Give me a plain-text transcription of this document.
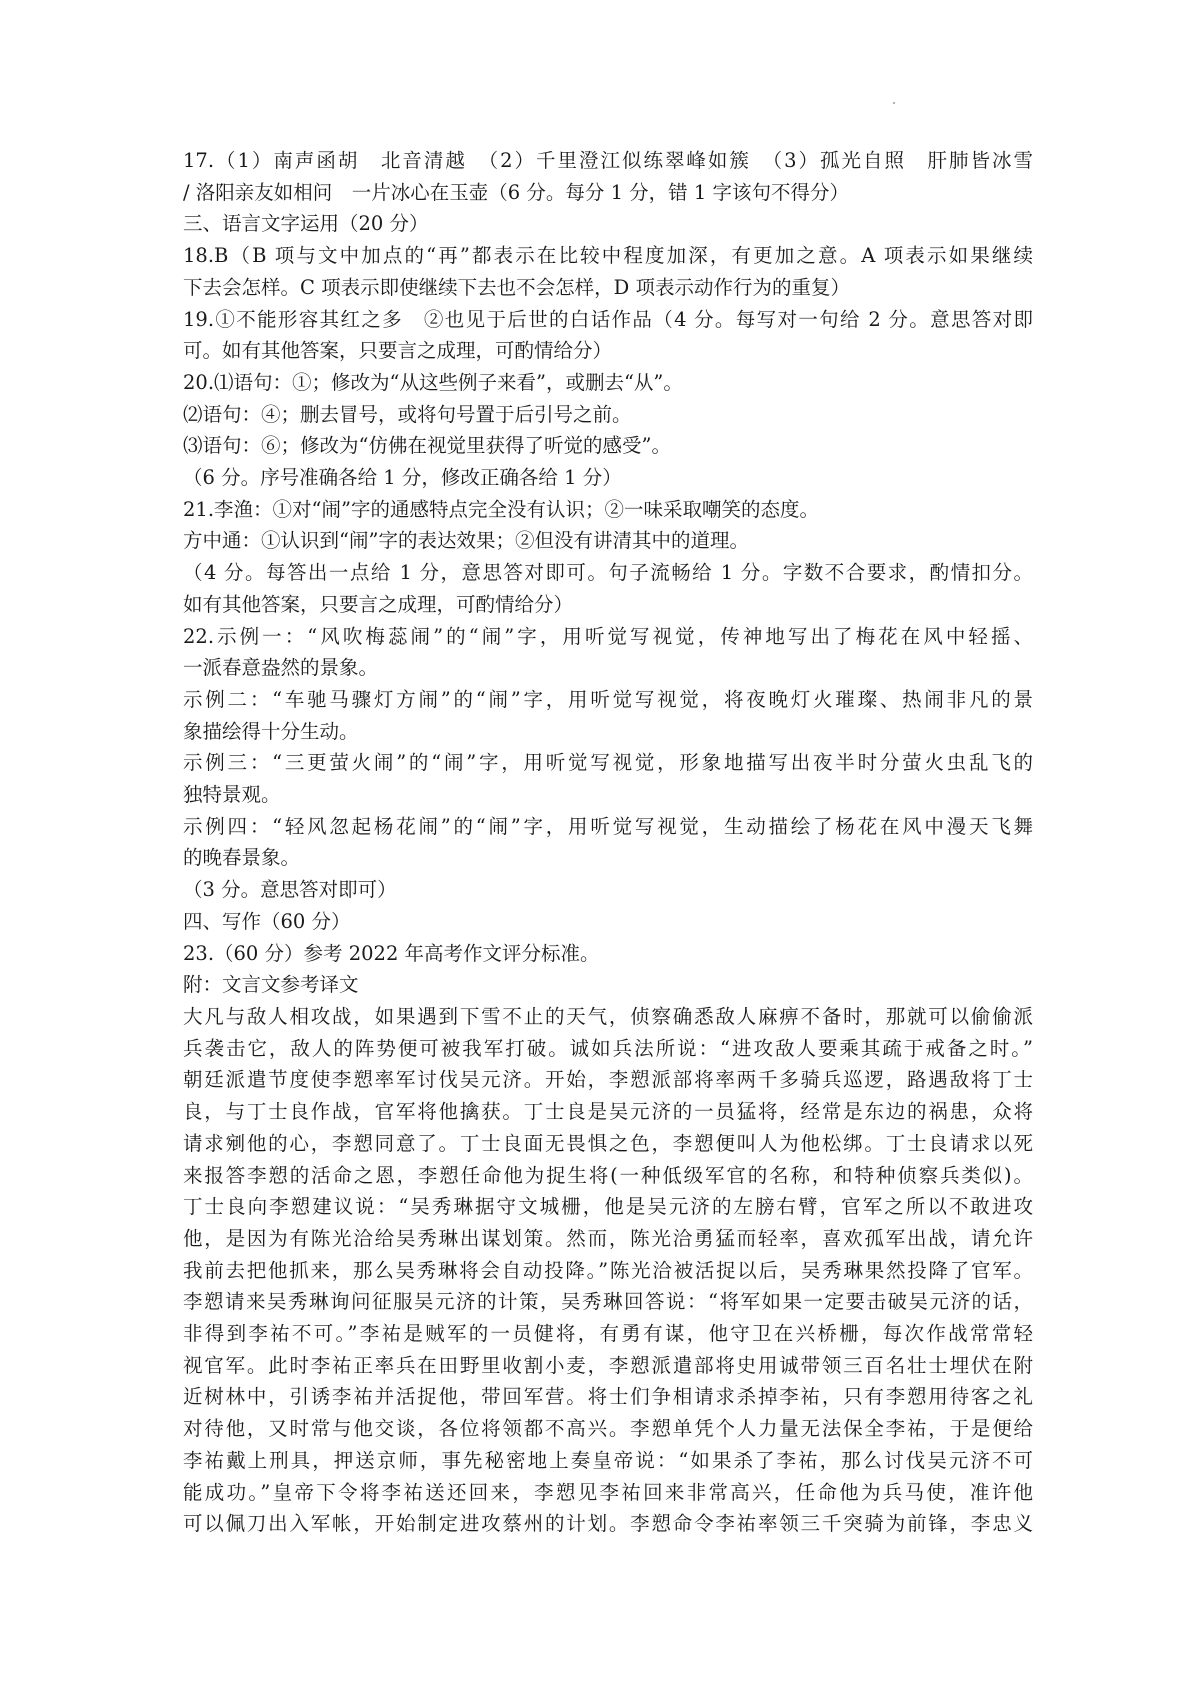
17.（1）南声函胡　北音清越　（2）千里澄江似练翠峰如簇　（3）孤光自照　肝肺皆冰雪
/ 洛阳亲友如相问　一片冰心在玉壶（6 分。每分 1 分，错 1 字该句不得分）
三、语言文字运用（20 分）
18.B（B 项与文中加点的“再”都表示在比较中程度加深，有更加之意。A 项表示如果继续
下去会怎样。C 项表示即使继续下去也不会怎样，D 项表示动作行为的重复）
19.①不能形容其红之多　②也见于后世的白话作品（4 分。每写对一句给 2 分。意思答对即
可。如有其他答案，只要言之成理，可酌情给分）
20.⑴语句：①；修改为“从这些例子来看”，或删去“从”。
⑵语句：④；删去冒号，或将句号置于后引号之前。
⑶语句：⑥；修改为“仿佛在视觉里获得了听觉的感受”。
（6 分。序号准确各给 1 分，修改正确各给 1 分）
21.李渔：①对“闹”字的通感特点完全没有认识；②一味采取嘲笑的态度。
方中通：①认识到“闹”字的表达效果；②但没有讲清其中的道理。
（4 分。每答出一点给 1 分，意思答对即可。句子流畅给 1 分。字数不合要求，酌情扣分。
如有其他答案，只要言之成理，可酌情给分）
22.示例一：“风吹梅蕊闹”的“闹”字，用听觉写视觉，传神地写出了梅花在风中轻摇、
一派春意盎然的景象。
示例二：“车驰马骤灯方闹”的“闹”字，用听觉写视觉，将夜晚灯火璀璨、热闹非凡的景
象描绘得十分生动。
示例三：“三更萤火闹”的“闹”字，用听觉写视觉，形象地描写出夜半时分萤火虫乱飞的
独特景观。
示例四：“轻风忽起杨花闹”的“闹”字，用听觉写视觉，生动描绘了杨花在风中漫天飞舞
的晚春景象。
（3 分。意思答对即可）
四、写作（60 分）
23.（60 分）参考 2022 年高考作文评分标准。
附：文言文参考译文
大凡与敌人相攻战，如果遇到下雪不止的天气，侦察确悉敌人麻痹不备时，那就可以偷偷派
兵袭击它，敌人的阵势便可被我军打破。诚如兵法所说：“进攻敌人要乘其疏于戒备之时。”
朝廷派遣节度使李愬率军讨伐吴元济。开始，李愬派部将率两千多骑兵巡逻，路遇敌将丁士
良，与丁士良作战，官军将他擒获。丁士良是吴元济的一员猛将，经常是东边的祸患，众将
请求剜他的心，李愬同意了。丁士良面无畏惧之色，李愬便叫人为他松绑。丁士良请求以死
来报答李愬的活命之恩，李愬任命他为捉生将(一种低级军官的名称，和特种侦察兵类似)。
丁士良向李愬建议说：“吴秀琳据守文城栅，他是吴元济的左膀右臂，官军之所以不敢进攻
他，是因为有陈光洽给吴秀琳出谋划策。然而，陈光洽勇猛而轻率，喜欢孤军出战，请允许
我前去把他抓来，那么吴秀琳将会自动投降。”陈光洽被活捉以后，吴秀琳果然投降了官军。
李愬请来吴秀琳询问征服吴元济的计策，吴秀琳回答说：“将军如果一定要击破吴元济的话，
非得到李祐不可。”李祐是贼军的一员健将，有勇有谋，他守卫在兴桥栅，每次作战常常轻
视官军。此时李祐正率兵在田野里收割小麦，李愬派遣部将史用诚带领三百名壮士埋伏在附
近树林中，引诱李祐并活捉他，带回军营。将士们争相请求杀掉李祐，只有李愬用待客之礼
对待他，又时常与他交谈，各位将领都不高兴。李愬单凭个人力量无法保全李祐，于是便给
李祐戴上刑具，押送京师，事先秘密地上奏皇帝说：“如果杀了李祐，那么讨伐吴元济不可
能成功。”皇帝下令将李祐送还回来，李愬见李祐回来非常高兴，任命他为兵马使，准许他
可以佩刀出入军帐，开始制定进攻蔡州的计划。李愬命令李祐率领三千突骑为前锋，李忠义
